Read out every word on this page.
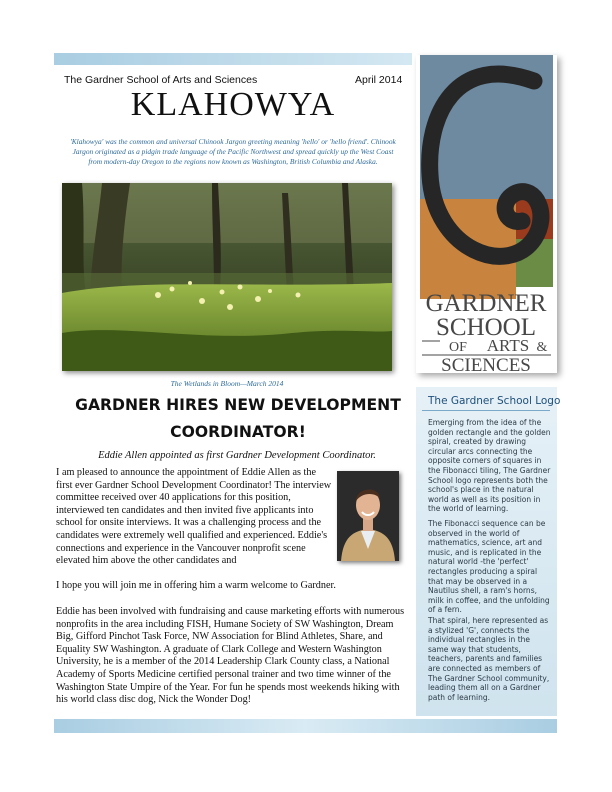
The Gardner School of Arts and Sciences	April 2014
KLAHOWYA
'Klahowya' was the common and universal Chinook Jargon greeting meaning 'hello' or 'hello friend'. Chinook Jargon originated as a pidgin trade language of the Pacific Northwest and spread quickly up the West Coast from modern-day Oregon to the regions now known as Washington, British Columbia and Alaska.
The Wetlands in Bloom—March 2014
GARDNER HIRES NEW DEVELOPMENT
COORDINATOR!
Eddie Allen appointed as first Gardner Development Coordinator.
I am pleased to announce the appointment of Eddie Allen as the first ever Gardner School Development Coordinator! The interview committee received over 40 applications for this position, interviewed ten candidates and then invited five applicants into school for onsite interviews. It was a challenging process and the candidates were extremely well qualified and experienced. Eddie's connections and experience in the Vancouver nonprofit scene elevated him above the other candidates and
I hope you will join me in offering him a warm welcome to Gardner.
Eddie has been involved with fundraising and cause marketing efforts with numerous nonprofits in the area including FISH, Humane Society of SW Washington, Dream Big, Gifford Pinchot Task Force, NW Association for Blind Athletes, Share, and Equality SW Washington. A graduate of Clark College and Western Washington University, he is a member of the 2014 Leadership Clark County class, a National Academy of Sports Medicine certified personal trainer and two time winner of the Washington State Umpire of the Year. For fun he spends most weekends hiking with his world class disc dog, Nick the Wonder Dog!
GARDNER
SCHOOL
OF ARTS &
SCIENCES
The Gardner School Logo
Emerging from the idea of the golden rectangle and the golden spiral, created by drawing circular arcs connecting the opposite corners of squares in the Fibonacci tiling, The Gardner School logo represents both the school's place in the natural world as well as its position in the world of learning.
The Fibonacci sequence can be observed in the world of mathematics, science, art and music, and is replicated in the natural world -the 'perfect' rectangles producing a spiral that may be observed in a Nautilus shell, a ram's horns, milk in coffee, and the unfolding of a fern.
That spiral, here represented as a stylized 'G', connects the individual rectangles in the same way that students, teachers, parents and families are connected as members of The Gardner School community, leading them all on a Gardner path of learning.
